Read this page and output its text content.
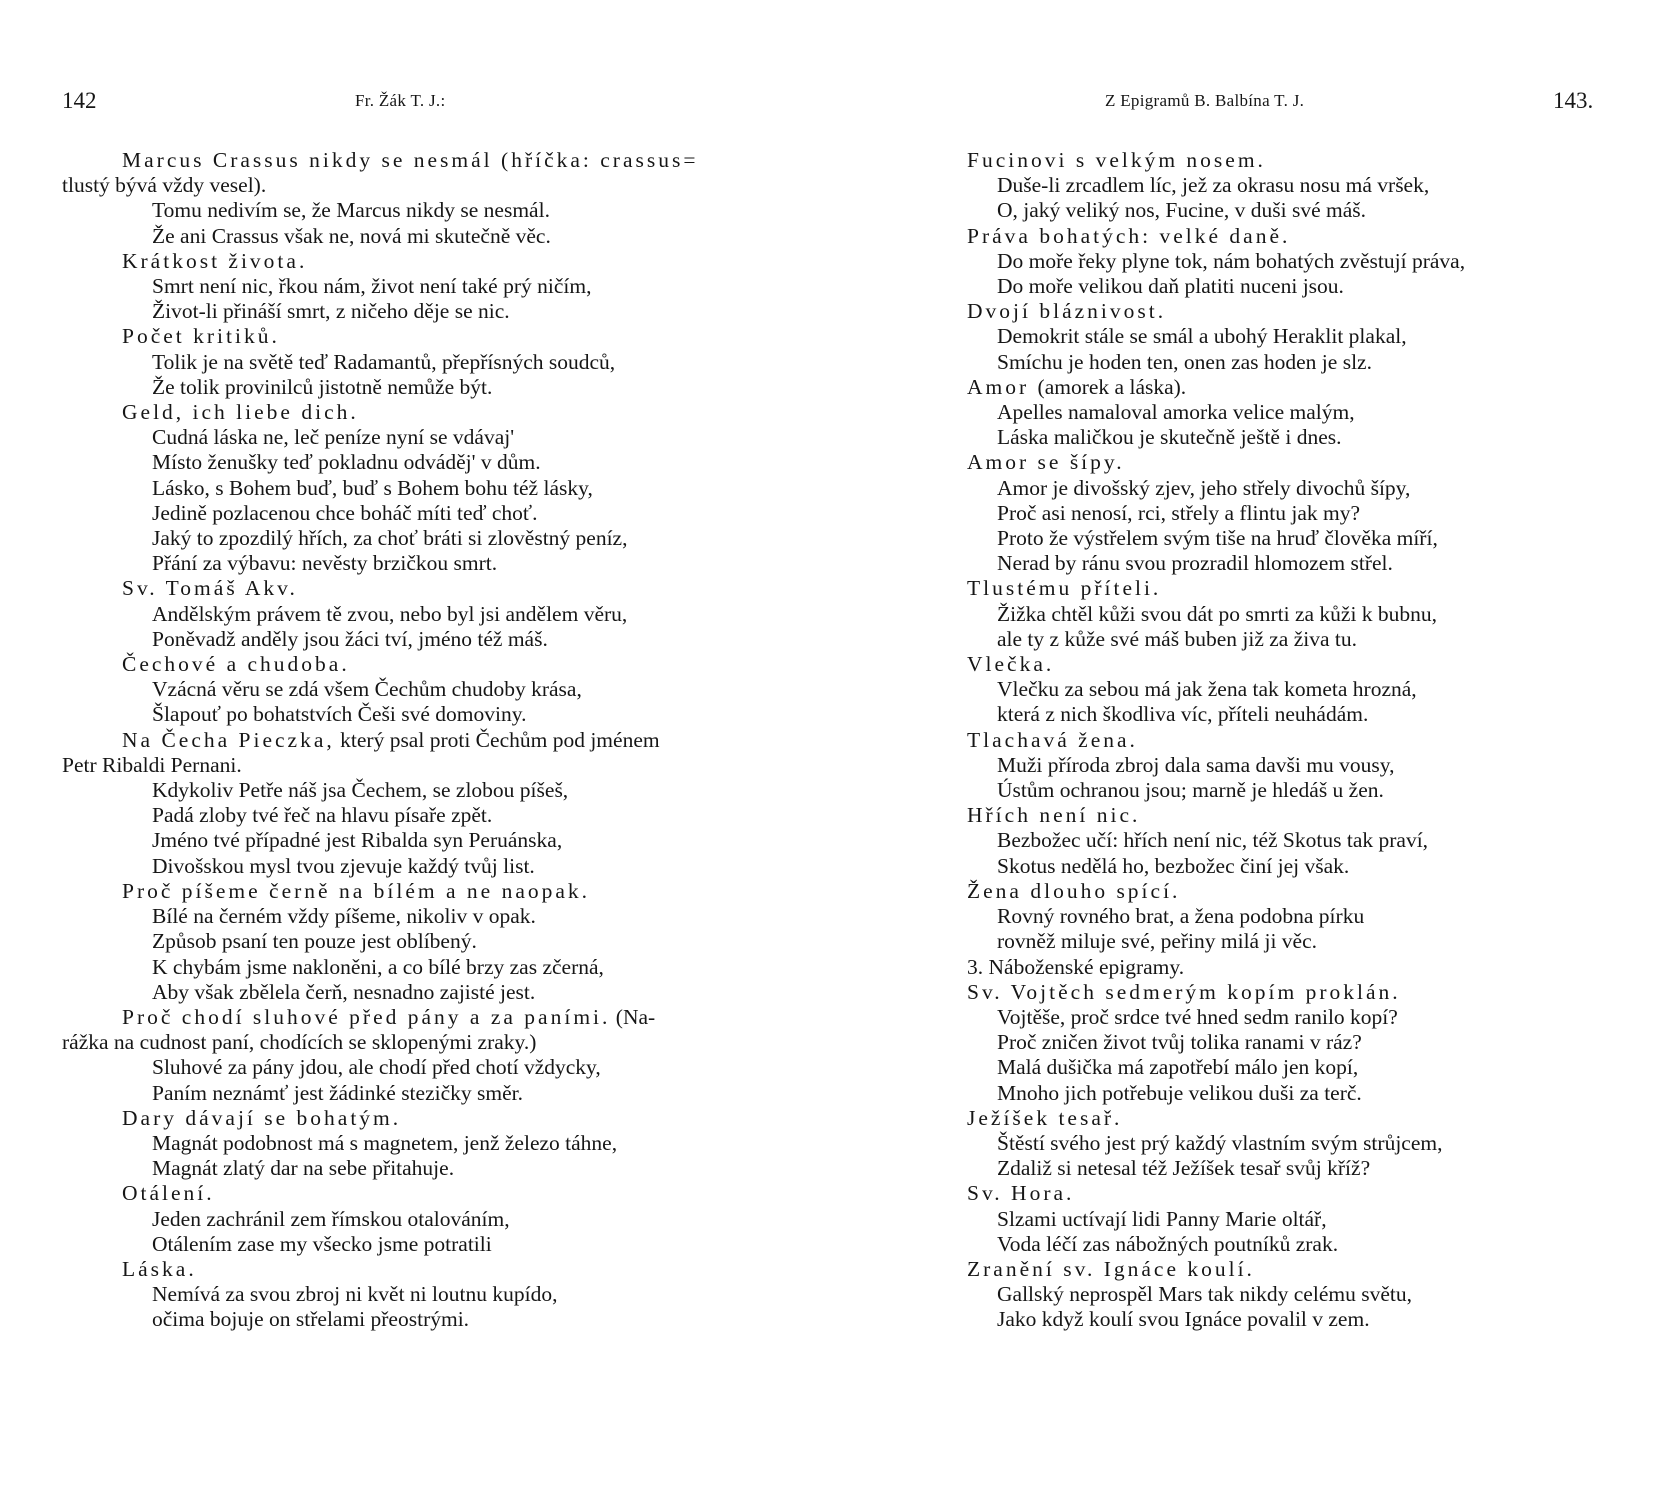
142	Fr. Žák T. J.:
Marcus Crassus nikdy se nesmál (hříčka: crassus=
tlustý bývá vždy vesel).
Tomu nedivím se, že Marcus nikdy se nesmál.
Že ani Crassus však ne, nová mi skutečně věc.
Krátkost života.
Smrt není nic, řkou nám, život není také prý ničím,
Život-li přináší smrt, z ničeho děje se nic.
Počet kritiků.
Tolik je na světě teď Radamantů, přepřísných soudců,
Že tolik provinilců jistotně nemůže být.
Geld, ich liebe dich.
Cudná láska ne, leč peníze nyní se vdávaj'
Místo ženušky teď pokladnu odváděj' v dům.
Lásko, s Bohem buď, buď s Bohem bohu též lásky,
Jedině pozlacenou chce boháč míti teď choť.
Jaký to zpozdilý hřích, za choť bráti si zlověstný peníz,
Přání za výbavu: nevěsty brzičkou smrt.
Sv. Tomáš Akv.
Andělským právem tě zvou, nebo byl jsi andělem věru,
Poněvadž anděly jsou žáci tví, jméno též máš.
Čechové a chudoba.
Vzácná věru se zdá všem Čechům chudoby krása,
Šlapouť po bohatstvích Češi své domoviny.
Na Čecha Pieczka, který psal proti Čechům pod jménem
Petr Ribaldi Pernani.
Kdykoliv Petře náš jsa Čechem, se zlobou píšeš,
Padá zloby tvé řeč na hlavu písaře zpět.
Jméno tvé případné jest Ribalda syn Peruánska,
Divošskou mysl tvou zjevuje každý tvůj list.
Proč píšeme černě na bílém a ne naopak.
Bílé na černém vždy píšeme, nikoliv v opak.
Způsob psaní ten pouze jest oblíbený.
K chybám jsme nakloněni, a co bílé brzy zas zčerná,
Aby však zbělela čerň, nesnadno zajisté jest.
Proč chodí sluhové před pány a za paními. (Na-
rážka na cudnost paní, chodících se sklopenými zraky.)
Sluhové za pány jdou, ale chodí před chotí vždycky,
Paním neznámť jest žádinké stezičky směr.
Dary dávají se bohatým.
Magnát podobnost má s magnetem, jenž železo táhne,
Magnát zlatý dar na sebe přitahuje.
Otálení.
Jeden zachránil zem římskou otalováním,
Otálením zase my všecko jsme potratili
Láska.
Nemívá za svou zbroj ni květ ni loutnu kupído,
očima bojuje on střelami přeostrými.
Z Epigramů B. Balbína T. J.	143.
Fucinovi s velkým nosem.
Duše-li zrcadlem líc, jež za okrasu nosu má vršek,
O, jaký veliký nos, Fucine, v duši své máš.
Práva bohatých: velké daně.
Do moře řeky plyne tok, nám bohatých zvěstují práva,
Do moře velikou daň platiti nuceni jsou.
Dvojí bláznivost.
Demokrit stále se smál a ubohý Heraklit plakal,
Smíchu je hoden ten, onen zas hoden je slz.
Amor (amorek a láska).
Apelles namaloval amorka velice malým,
Láska maličkou je skutečně ještě i dnes.
Amor se šípy.
Amor je divošský zjev, jeho střely divochů šípy,
Proč asi nenosí, rci, střely a flintu jak my?
Proto že výstřelem svým tiše na hruď člověka míří,
Nerad by ránu svou prozradil hlomozem střel.
Tlustému příteli.
Žižka chtěl kůži svou dát po smrti za kůži k bubnu,
ale ty z kůže své máš buben již za živa tu.
Vlečka.
Vlečku za sebou má jak žena tak kometa hrozná,
která z nich škodliva víc, příteli neuhádám.
Tlachavá žena.
Muži příroda zbroj dala sama davši mu vousy,
Ústům ochranou jsou; marně je hledáš u žen.
Hřích není nic.
Bezbožec učí: hřích není nic, též Skotus tak praví,
Skotus nedělá ho, bezbožec činí jej však.
Žena dlouho spící.
Rovný rovného brat, a žena podobna pírku
rovněž miluje své, peřiny milá ji věc.
3. Náboženské epigramy.
Sv. Vojtěch sedmerým kopím proklán.
Vojtěše, proč srdce tvé hned sedm ranilo kopí?
Proč zničen život tvůj tolika ranami v ráz?
Malá dušička má zapotřebí málo jen kopí,
Mnoho jich potřebuje velikou duši za terč.
Ježíšek tesař.
Štěstí svého jest prý každý vlastním svým strůjcem,
Zdaliž si netesal též Ježíšek tesař svůj kříž?
Sv. Hora.
Slzami uctívají lidi Panny Marie oltář,
Voda léčí zas nábožných poutníků zrak.
Zranění sv. Ignáce koulí.
Gallský neprospěl Mars tak nikdy celému světu,
Jako když koulí svou Ignáce povalil v zem.
